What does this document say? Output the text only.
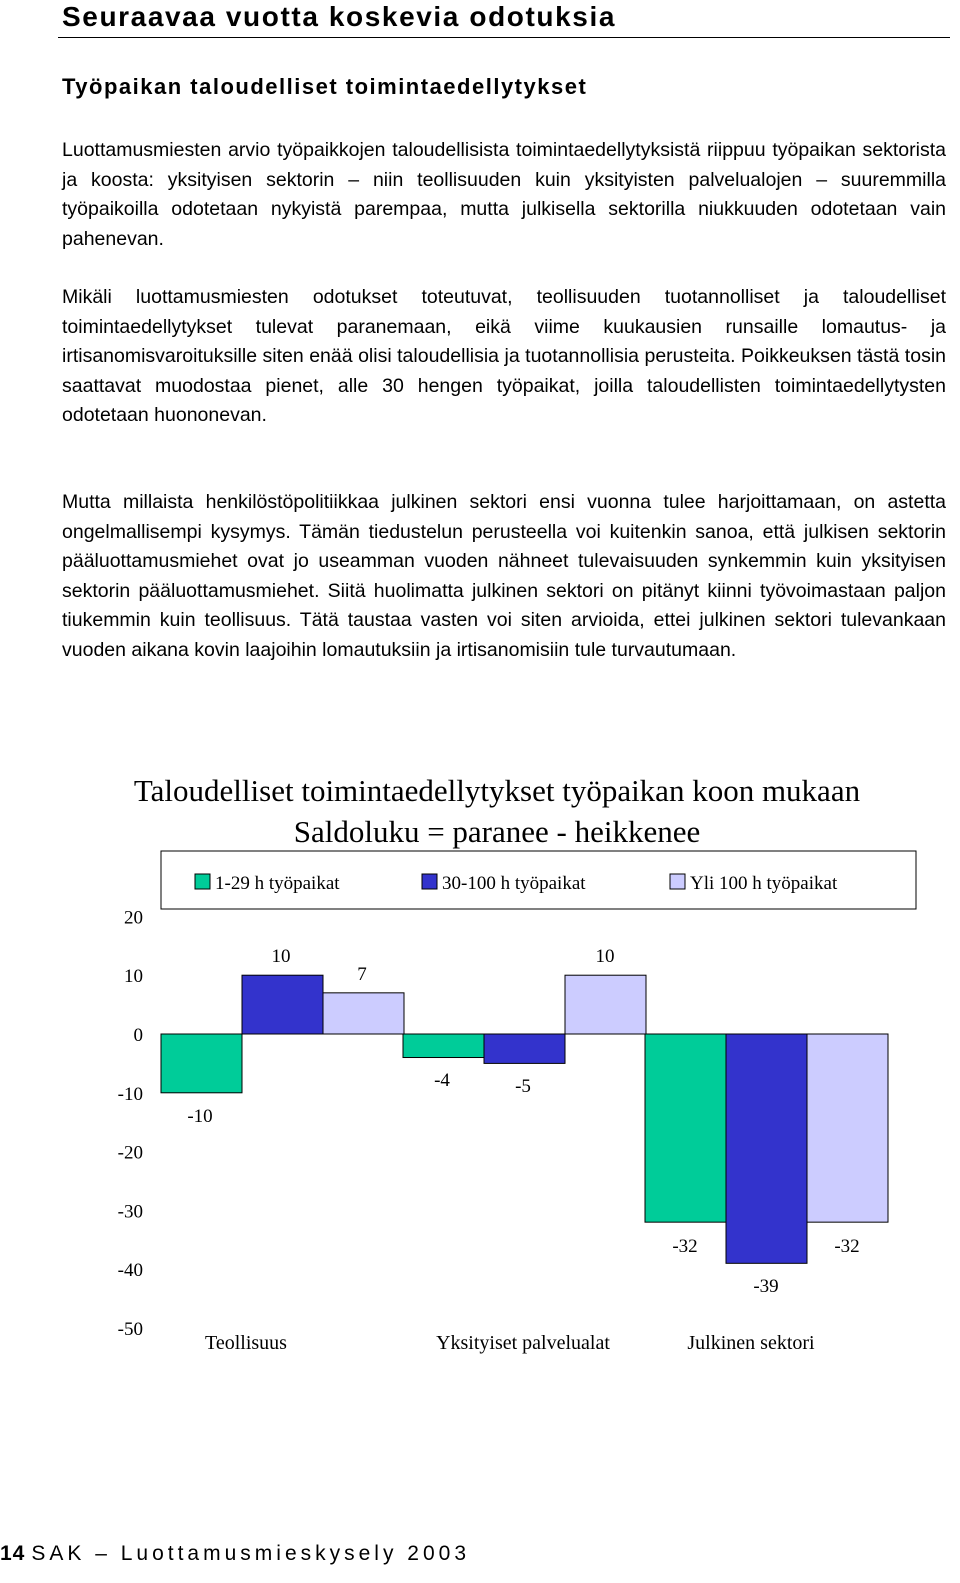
Seuraavaa vuotta koskevia odotuksia
Työpaikan taloudelliset toimintaedellytykset

Luottamusmiesten arvio työpaikkojen taloudellisista toimintaedellytyksistä riippuu työpaikan sektorista ja koosta: yksityisen sektorin – niin teollisuuden kuin yksityisten palvelualojen – suuremmilla työpaikoilla odotetaan nykyistä parempaa, mutta julkisella sektorilla niukkuuden odotetaan vain pahenevan.

Mikäli luottamusmiesten odotukset toteutuvat, teollisuuden tuotannolliset ja taloudelliset toimintaedellytykset tulevat paranemaan, eikä viime kuukausien runsaille lomautus- ja irtisanomisvaroituksille siten enää olisi taloudellisia ja tuotannollisia perusteita. Poikkeuksen tästä tosin saattavat muodostaa pienet, alle 30 hengen työpaikat, joilla taloudellisten toimintaedellytysten odotetaan huononevan.

Mutta millaista henkilöstöpolitiikkaa julkinen sektori ensi vuonna tulee harjoittamaan, on astetta ongelmallisempi kysymys. Tämän tiedustelun perusteella voi kuitenkin sanoa, että julkisen sektorin pääluottamusmiehet ovat jo useamman vuoden nähneet tulevaisuuden synkemmin kuin yksityisen sektorin pääluottamusmiehet. Siitä huolimatta julkinen sektori on pitänyt kiinni työvoimastaan paljon tiukemmin kuin teollisuus. Tätä taustaa vasten voi siten arvioida, ettei julkinen sektori tulevankaan vuoden aikana kovin laajoihin lomautuksiin ja irtisanomisiin tule turvautumaan.

Taloudelliset toimintaedellytykset työpaikan koon mukaan
Saldoluku = paranee - heikkenee
1-29 h työpaikat	30-100 h työpaikat	Yli 100 h työpaikat
20
10
0
-10
-20
-30
-40
-50
-10
-4
-32
10
-5
-39
7
10
-32
Teollisuus	Yksityiset palvelualat	Julkinen sektori
14 SAK – Luottamusmieskysely 2003
